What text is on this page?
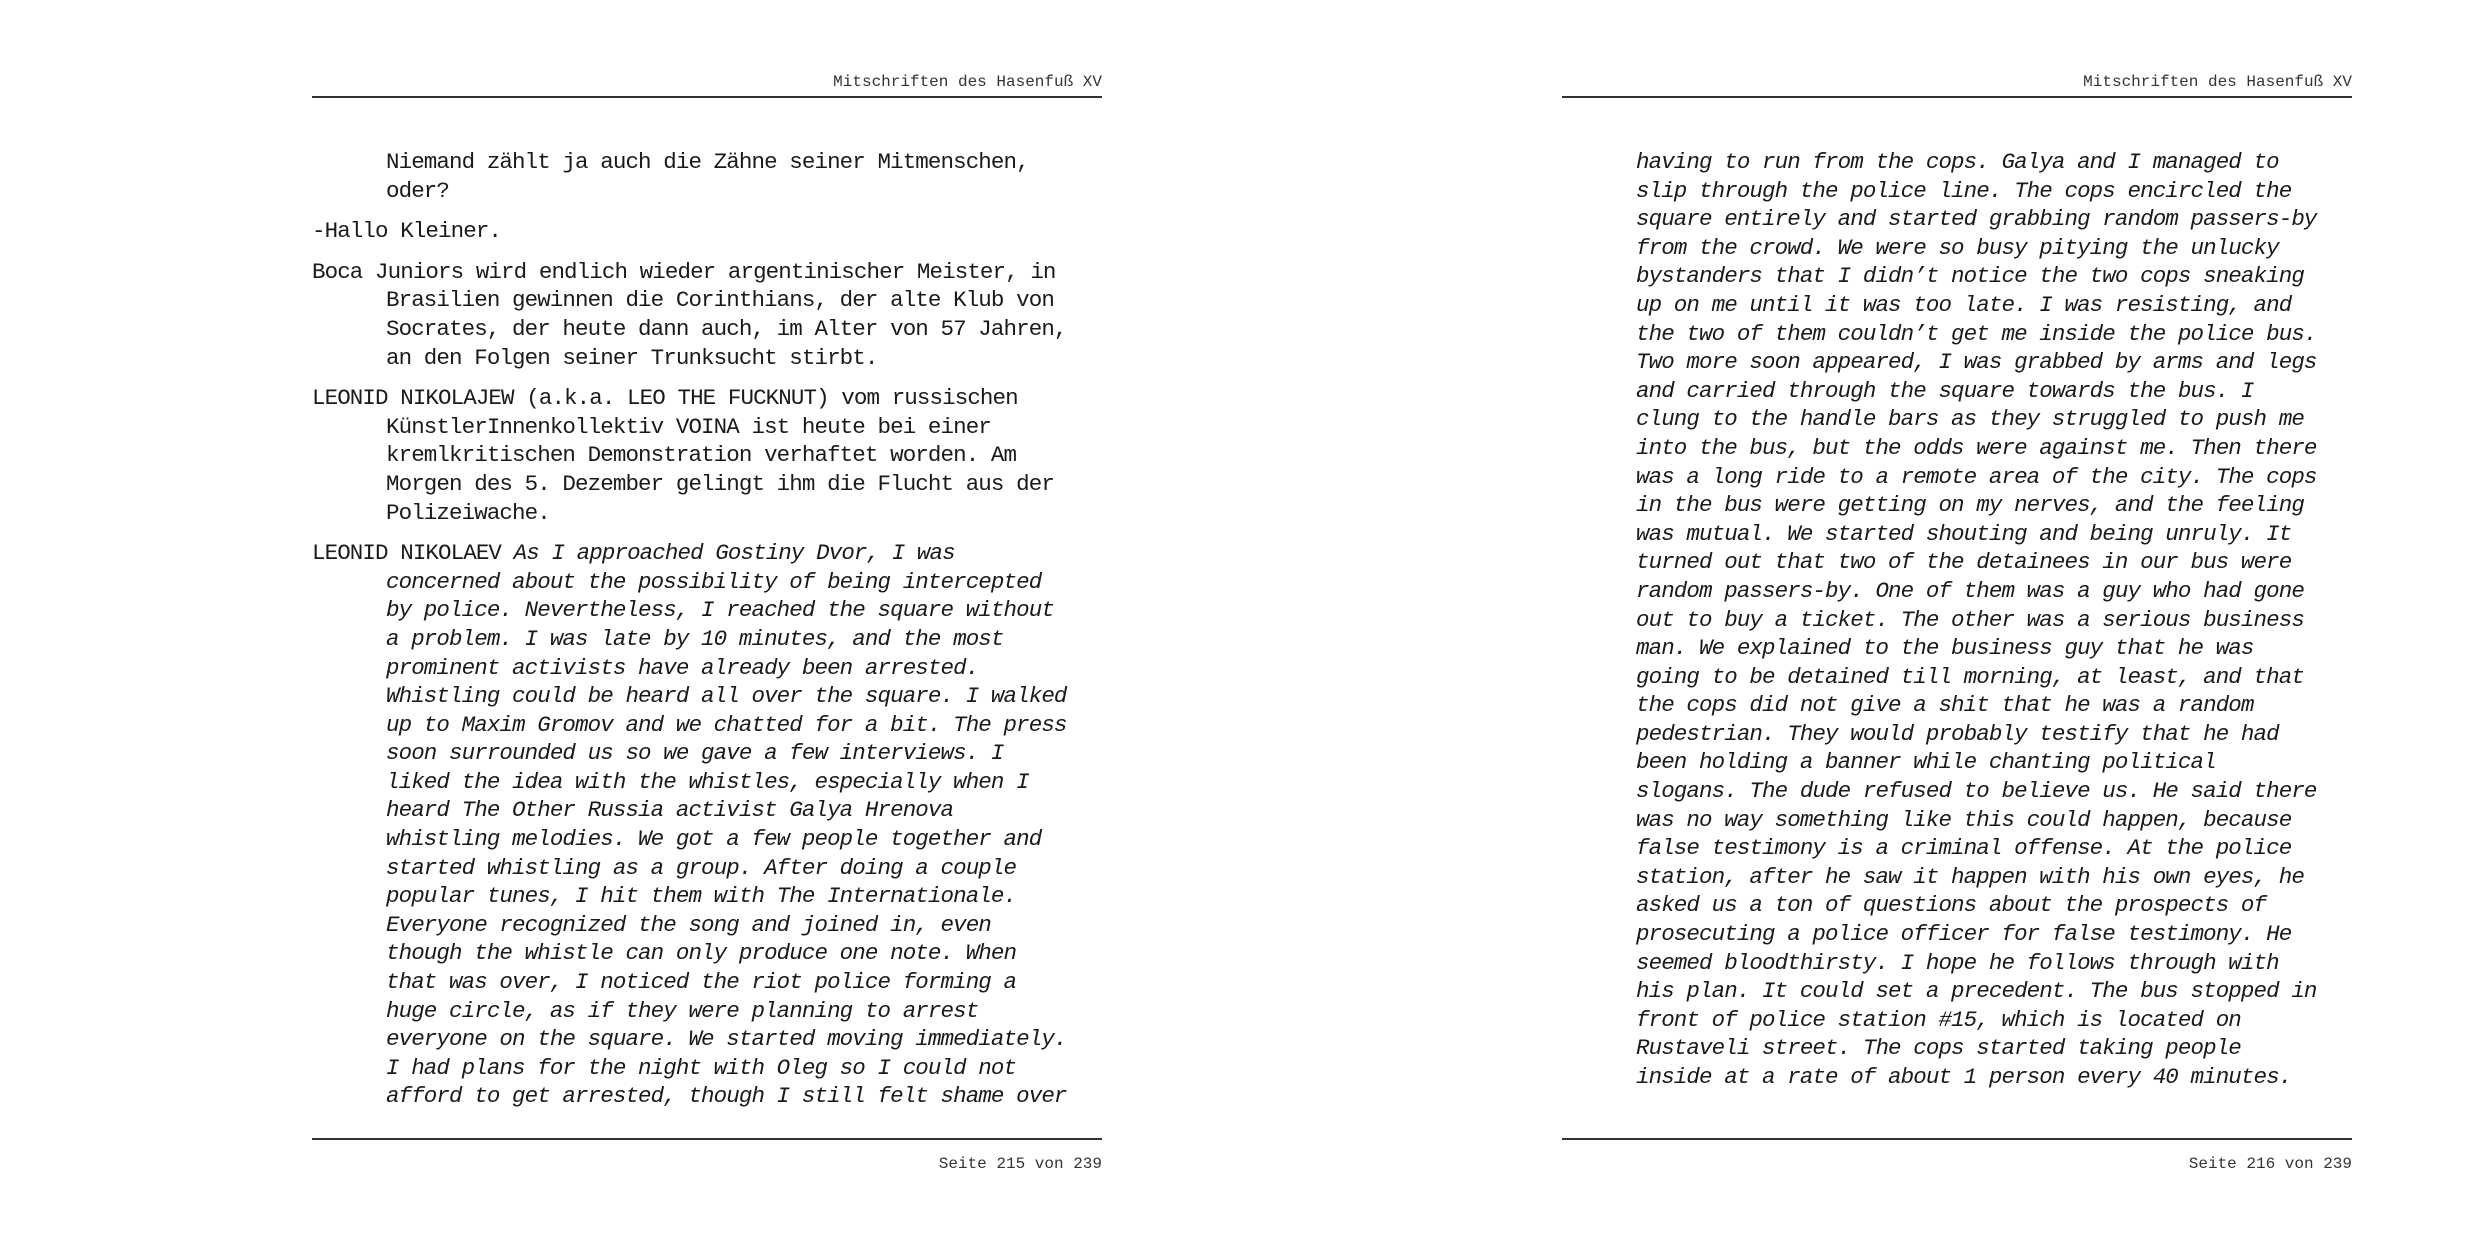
Mitschriften des Hasenfuß XV
Niemand zählt ja auch die Zähne seiner Mitmenschen,
oder?
-Hallo Kleiner.
Boca Juniors wird endlich wieder argentinischer Meister, in
Brasilien gewinnen die Corinthians, der alte Klub von
Socrates, der heute dann auch, im Alter von 57 Jahren,
an den Folgen seiner Trunksucht stirbt.
LEONID NIKOLAJEW (a.k.a. LEO THE FUCKNUT) vom russischen
KünstlerInnenkollektiv VOINA ist heute bei einer
kremlkritischen Demonstration verhaftet worden. Am
Morgen des 5. Dezember gelingt ihm die Flucht aus der
Polizeiwache.
LEONID NIKOLAEV As I approached Gostiny Dvor, I was
concerned about the possibility of being intercepted
by police. Nevertheless, I reached the square without
a problem. I was late by 10 minutes, and the most
prominent activists have already been arrested.
Whistling could be heard all over the square. I walked
up to Maxim Gromov and we chatted for a bit. The press
soon surrounded us so we gave a few interviews. I
liked the idea with the whistles, especially when I
heard The Other Russia activist Galya Hrenova
whistling melodies. We got a few people together and
started whistling as a group. After doing a couple
popular tunes, I hit them with The Internationale.
Everyone recognized the song and joined in, even
though the whistle can only produce one note. When
that was over, I noticed the riot police forming a
huge circle, as if they were planning to arrest
everyone on the square. We started moving immediately.
I had plans for the night with Oleg so I could not
afford to get arrested, though I still felt shame over
Seite 215 von 239
Mitschriften des Hasenfuß XV
having to run from the cops. Galya and I managed to
slip through the police line. The cops encircled the
square entirely and started grabbing random passers-by
from the crowd. We were so busy pitying the unlucky
bystanders that I didn’t notice the two cops sneaking
up on me until it was too late. I was resisting, and
the two of them couldn’t get me inside the police bus.
Two more soon appeared, I was grabbed by arms and legs
and carried through the square towards the bus. I
clung to the handle bars as they struggled to push me
into the bus, but the odds were against me. Then there
was a long ride to a remote area of the city. The cops
in the bus were getting on my nerves, and the feeling
was mutual. We started shouting and being unruly. It
turned out that two of the detainees in our bus were
random passers-by. One of them was a guy who had gone
out to buy a ticket. The other was a serious business
man. We explained to the business guy that he was
going to be detained till morning, at least, and that
the cops did not give a shit that he was a random
pedestrian. They would probably testify that he had
been holding a banner while chanting political
slogans. The dude refused to believe us. He said there
was no way something like this could happen, because
false testimony is a criminal offense. At the police
station, after he saw it happen with his own eyes, he
asked us a ton of questions about the prospects of
prosecuting a police officer for false testimony. He
seemed bloodthirsty. I hope he follows through with
his plan. It could set a precedent. The bus stopped in
front of police station #15, which is located on
Rustaveli street. The cops started taking people
inside at a rate of about 1 person every 40 minutes.
Seite 216 von 239
